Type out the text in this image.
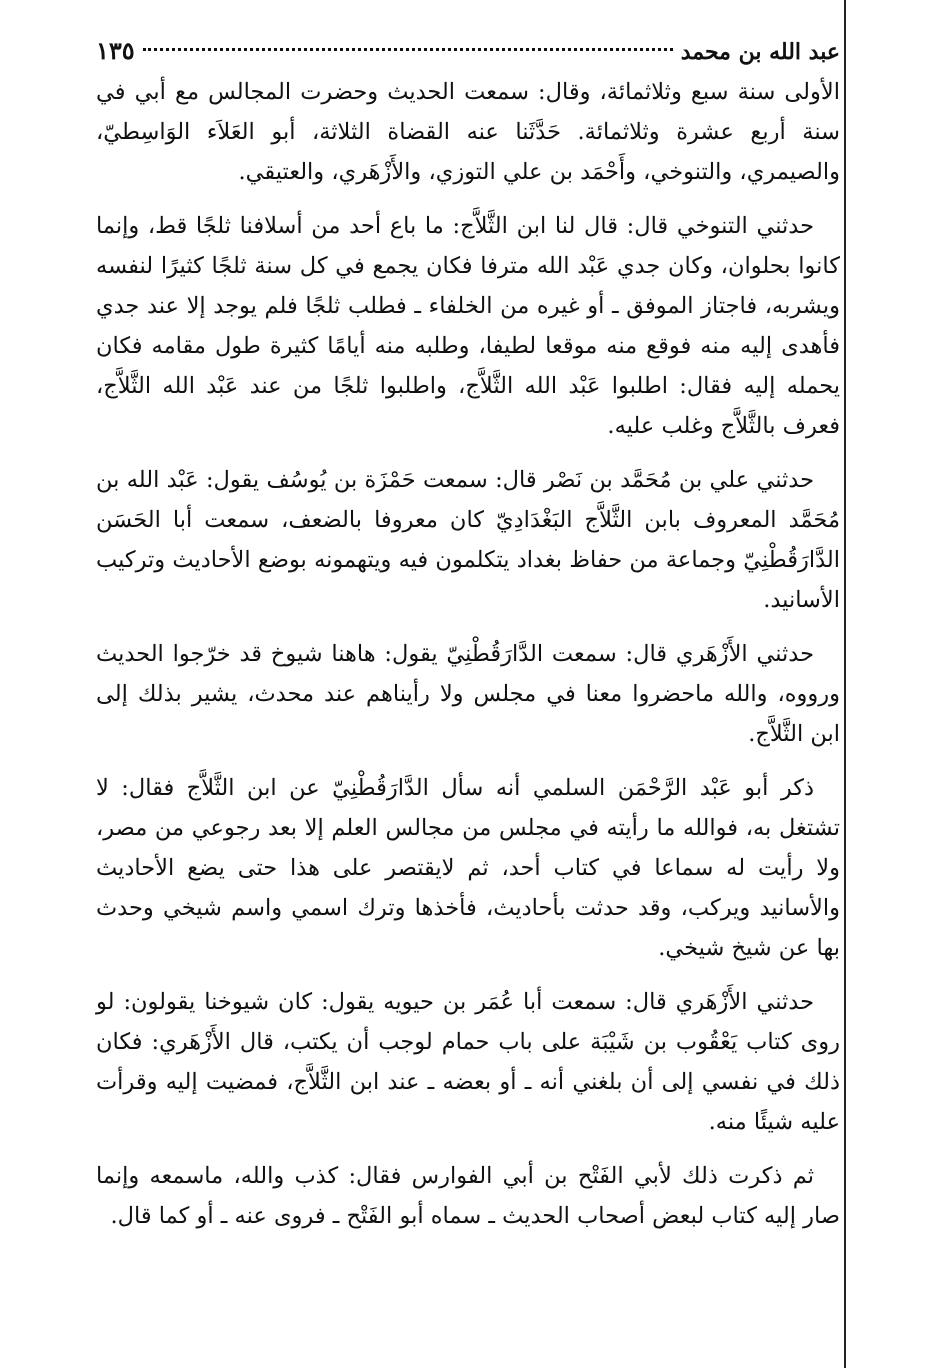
عبد الله بن محمد
١٣٥

الأولى سنة سبع وثلاثمائة، وقال: سمعت الحديث وحضرت المجالس مع أبي في سنة أربع عشرة وثلاثمائة. حَدَّثَنا عنه القضاة الثلاثة، أبو العَلاَء الوَاسِطيّ، والصيمري، والتنوخي، وأَحْمَد بن علي التوزي، والأَزْهَري، والعتيقي.

حدثني التنوخي قال: قال لنا ابن الثَّلاَّج: ما باع أحد من أسلافنا ثلجًا قط، وإنما كانوا بحلوان، وكان جدي عَبْد الله مترفا فكان يجمع في كل سنة ثلجًا كثيرًا لنفسه ويشربه، فاجتاز الموفق ـ أو غيره من الخلفاء ـ فطلب ثلجًا فلم يوجد إلا عند جدي فأهدى إليه منه فوقع منه موقعا لطيفا، وطلبه منه أيامًا كثيرة طول مقامه فكان يحمله إليه فقال: اطلبوا عَبْد الله الثَّلاَّج، واطلبوا ثلجًا من عند عَبْد الله الثَّلاَّج، فعرف بالثَّلاَّج وغلب عليه.

حدثني علي بن مُحَمَّد بن نَصْر قال: سمعت حَمْزَة بن يُوسُف يقول: عَبْد الله بن مُحَمَّد المعروف بابن الثَّلاَّج البَغْدَادِيّ كان معروفا بالضعف، سمعت أبا الحَسَن الدَّارَقُطْنِيّ وجماعة من حفاظ بغداد يتكلمون فيه ويتهمونه بوضع الأحاديث وتركيب الأسانيد.

حدثني الأَزْهَري قال: سمعت الدَّارَقُطْنِيّ يقول: هاهنا شيوخ قد خرّجوا الحديث ورووه، والله ماحضروا معنا في مجلس ولا رأيناهم عند محدث، يشير بذلك إلى ابن الثَّلاَّج.

ذكر أبو عَبْد الرَّحْمَن السلمي أنه سأل الدَّارَقُطْنِيّ عن ابن الثَّلاَّج فقال: لا تشتغل به، فوالله ما رأيته في مجلس من مجالس العلم إلا بعد رجوعي من مصر، ولا رأيت له سماعا في كتاب أحد، ثم لايقتصر على هذا حتى يضع الأحاديث والأسانيد ويركب، وقد حدثت بأحاديث، فأخذها وترك اسمي واسم شيخي وحدث بها عن شيخ شيخي.

حدثني الأَزْهَري قال: سمعت أبا عُمَر بن حيويه يقول: كان شيوخنا يقولون: لو روى كتاب يَعْقُوب بن شَيْبَة على باب حمام لوجب أن يكتب، قال الأَزْهَري: فكان ذلك في نفسي إلى أن بلغني أنه ـ أو بعضه ـ عند ابن الثَّلاَّج، فمضيت إليه وقرأت عليه شيئًا منه.

ثم ذكرت ذلك لأبي الفَتْح بن أبي الفوارس فقال: كذب والله، ماسمعه وإنما صار إليه كتاب لبعض أصحاب الحديث ـ سماه أبو الفَتْح ـ فروى عنه ـ أو كما قال.
